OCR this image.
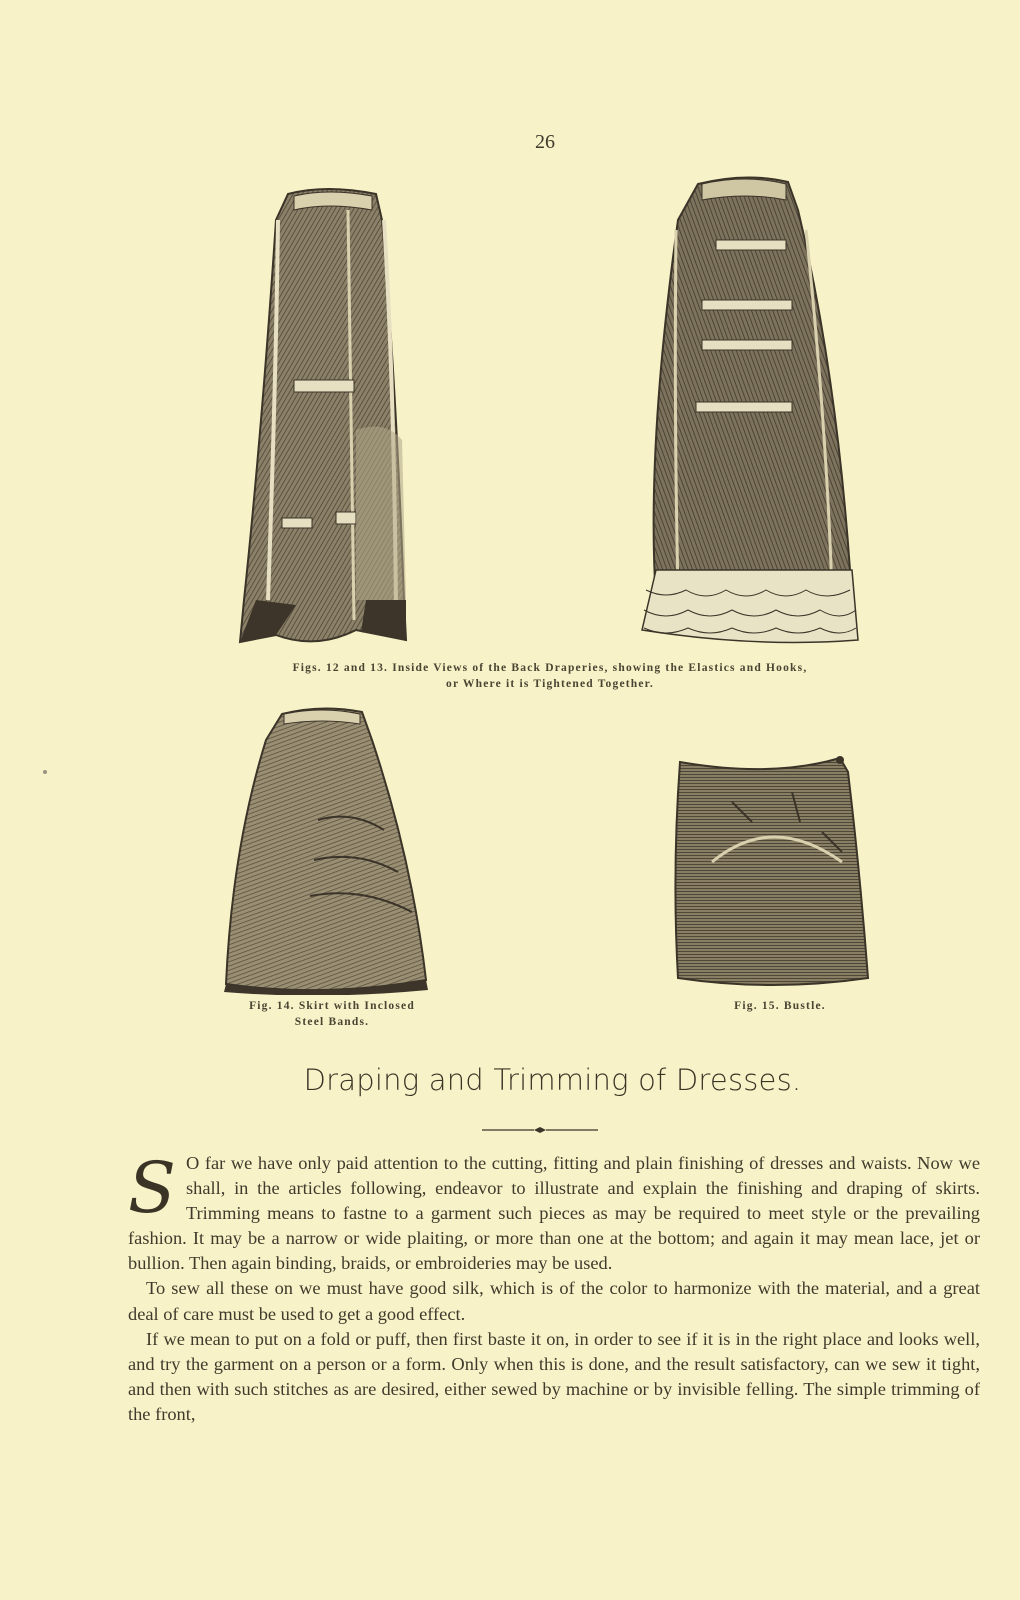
26
Figs. 12 and 13. Inside Views of the Back Draperies, showing the Elastics and Hooks,
or Where it is Tightened Together.
Fig. 14. Skirt with Inclosed
Steel Bands.
Fig. 15. Bustle.
Draping and Trimming of Dresses.

S O far we have only paid attention to the cutting, fitting and plain finishing of dresses and waists. Now we shall, in the articles following, endeavor to illustrate and explain the finishing and draping of skirts. Trimming means to fastne to a garment such pieces as may be required to meet style or the prevailing fashion. It may be a narrow or wide plaiting, or more than one at the bottom; and again it may mean lace, jet or bullion. Then again binding, braids, or embroideries may be used.

To sew all these on we must have good silk, which is of the color to harmonize with the material, and a great deal of care must be used to get a good effect.

If we mean to put on a fold or puff, then first baste it on, in order to see if it is in the right place and looks well, and try the garment on a person or a form. Only when this is done, and the result satisfactory, can we sew it tight, and then with such stitches as are desired, either sewed by machine or by invisible felling. The simple trimming of the front,
